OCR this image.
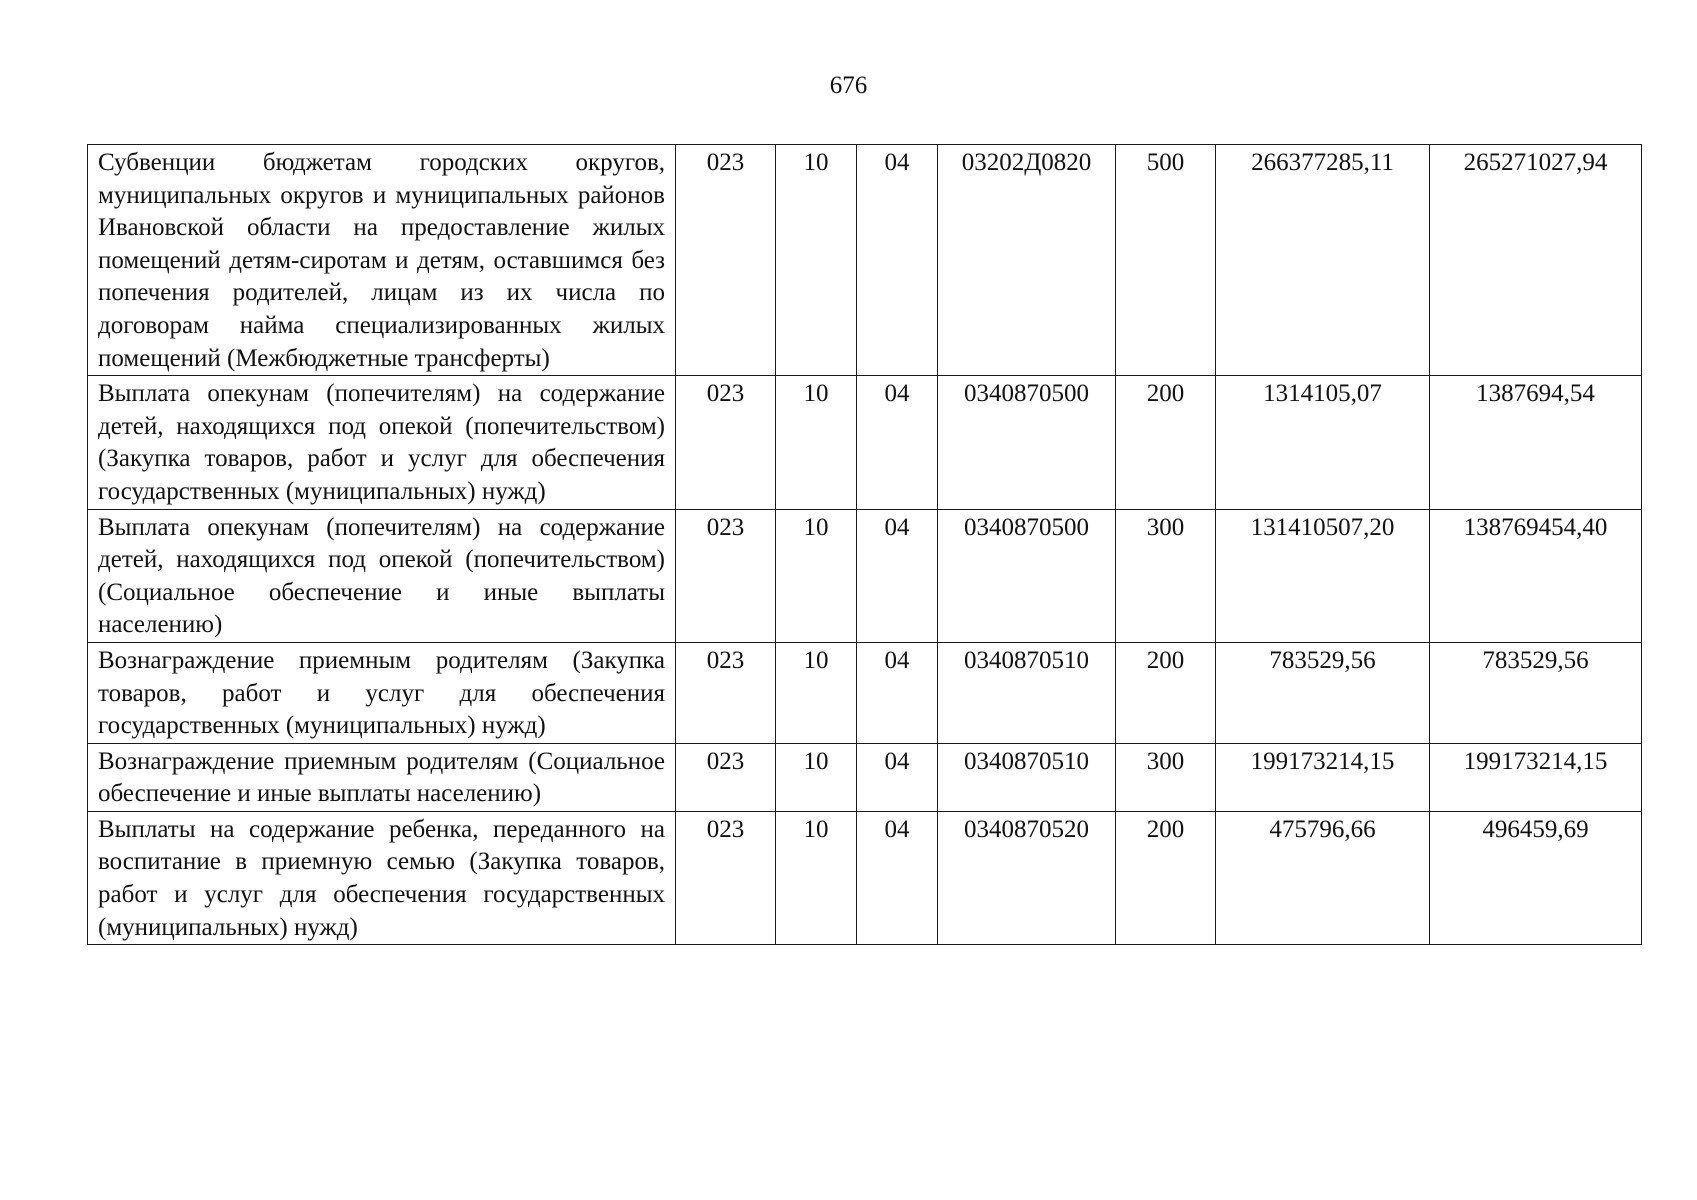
676
Субвенции бюджетам городских округов, муниципальных округов и муниципальных районов Ивановской области на предоставление жилых помещений детям-сиротам и детям, оставшимся без попечения родителей, лицам из их числа по договорам найма специализированных жилых помещений (Межбюджетные трансферты)	023	10	04	03202Д0820	500	266377285,11	265271027,94
Выплата опекунам (попечителям) на содержание детей, находящихся под опекой (попечительством) (Закупка товаров, работ и услуг для обеспечения государственных (муниципальных) нужд)	023	10	04	0340870500	200	1314105,07	1387694,54
Выплата опекунам (попечителям) на содержание детей, находящихся под опекой (попечительством) (Социальное обеспечение и иные выплаты населению)	023	10	04	0340870500	300	131410507,20	138769454,40
Вознаграждение приемным родителям (Закупка товаров, работ и услуг для обеспечения государственных (муниципальных) нужд)	023	10	04	0340870510	200	783529,56	783529,56
Вознаграждение приемным родителям (Социальное обеспечение и иные выплаты населению)	023	10	04	0340870510	300	199173214,15	199173214,15
Выплаты на содержание ребенка, переданного на воспитание в приемную семью (Закупка товаров, работ и услуг для обеспечения государственных (муниципальных) нужд)	023	10	04	0340870520	200	475796,66	496459,69
